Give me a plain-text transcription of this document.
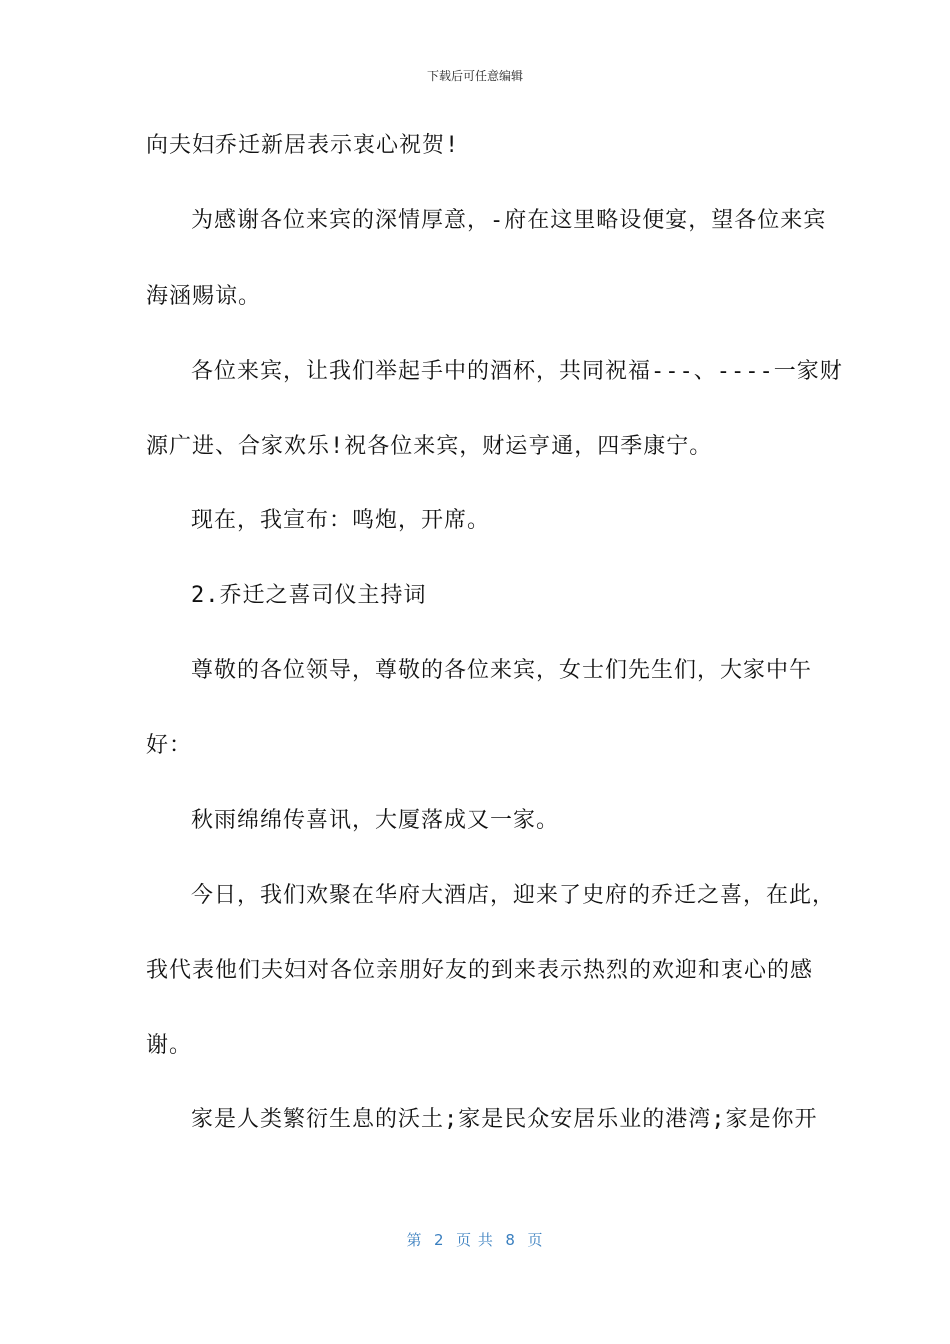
下载后可任意编辑
向夫妇乔迁新居表示衷心祝贺!
为感谢各位来宾的深情厚意，-府在这里略设便宴，望各位来宾
海涵赐谅。
各位来宾，让我们举起手中的酒杯，共同祝福---、----一家财
源广进、合家欢乐!祝各位来宾，财运亨通，四季康宁。
现在，我宣布：鸣炮，开席。
2.乔迁之喜司仪主持词
尊敬的各位领导，尊敬的各位来宾，女士们先生们，大家中午
好：
秋雨绵绵传喜讯，大厦落成又一家。
今日，我们欢聚在华府大酒店，迎来了史府的乔迁之喜，在此，
我代表他们夫妇对各位亲朋好友的到来表示热烈的欢迎和衷心的感
谢。
家是人类繁衍生息的沃土;家是民众安居乐业的港湾;家是你开
第  2  页 共  8  页
